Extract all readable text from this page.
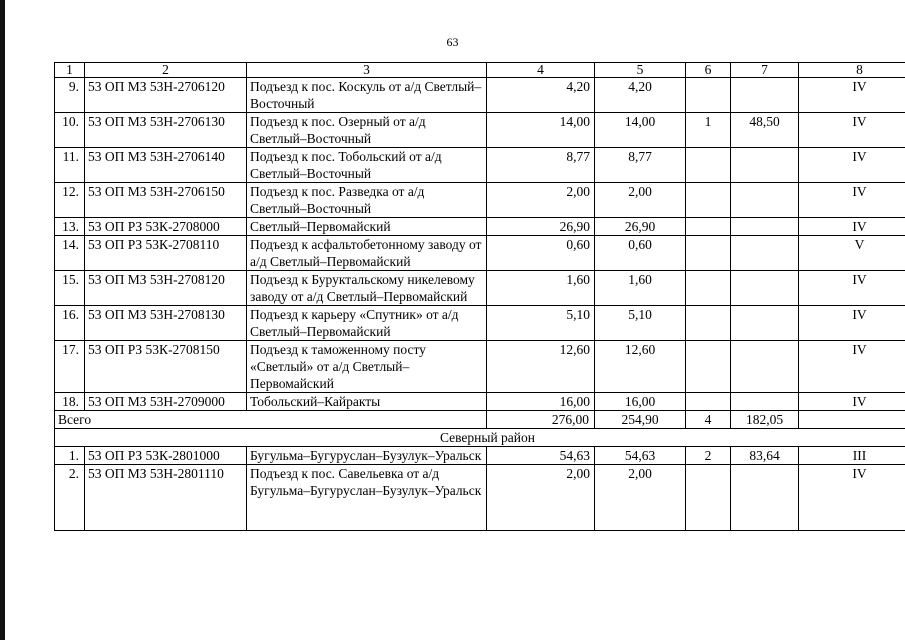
63
1	2	3	4	5	6	7	8
9.	53 ОП МЗ 53Н-2706120	Подъезд к пос. Коскуль от а/д Светлый–Восточный	4,20	4,20			IV
10.	53 ОП МЗ 53Н-2706130	Подъезд к пос. Озерный от а/д Светлый–Восточный	14,00	14,00	1	48,50	IV
11.	53 ОП МЗ 53Н-2706140	Подъезд к пос. Тобольский от а/д Светлый–Восточный	8,77	8,77			IV
12.	53 ОП МЗ 53Н-2706150	Подъезд к пос. Разведка от а/д Светлый–Восточный	2,00	2,00			IV
13.	53 ОП РЗ 53К-2708000	Светлый–Первомайский	26,90	26,90			IV
14.	53 ОП РЗ 53К-2708110	Подъезд к асфальтобетонному заводу от а/д Светлый–Первомайский	0,60	0,60			V
15.	53 ОП МЗ 53Н-2708120	Подъезд к Буруктальскому никелевому заводу от а/д Светлый–Первомайский	1,60	1,60			IV
16.	53 ОП МЗ 53Н-2708130	Подъезд к карьеру «Спутник» от а/д Светлый–Первомайский	5,10	5,10			IV
17.	53 ОП РЗ 53К-2708150	Подъезд к таможенному посту «Светлый» от а/д Светлый–Первомайский	12,60	12,60			IV
18.	53 ОП МЗ 53Н-2709000	Тобольский–Кайракты	16,00	16,00			IV
Всего			276,00	254,90	4	182,05	
Северный район							
1.	53 ОП РЗ 53К-2801000	Бугульма–Бугуруслан–Бузулук–Уральск	54,63	54,63	2	83,64	III
2.	53 ОП МЗ 53Н-2801110	Подъезд к пос. Савельевка от а/д Бугульма–Бугуруслан–Бузулук–Уральск	2,00	2,00			IV
